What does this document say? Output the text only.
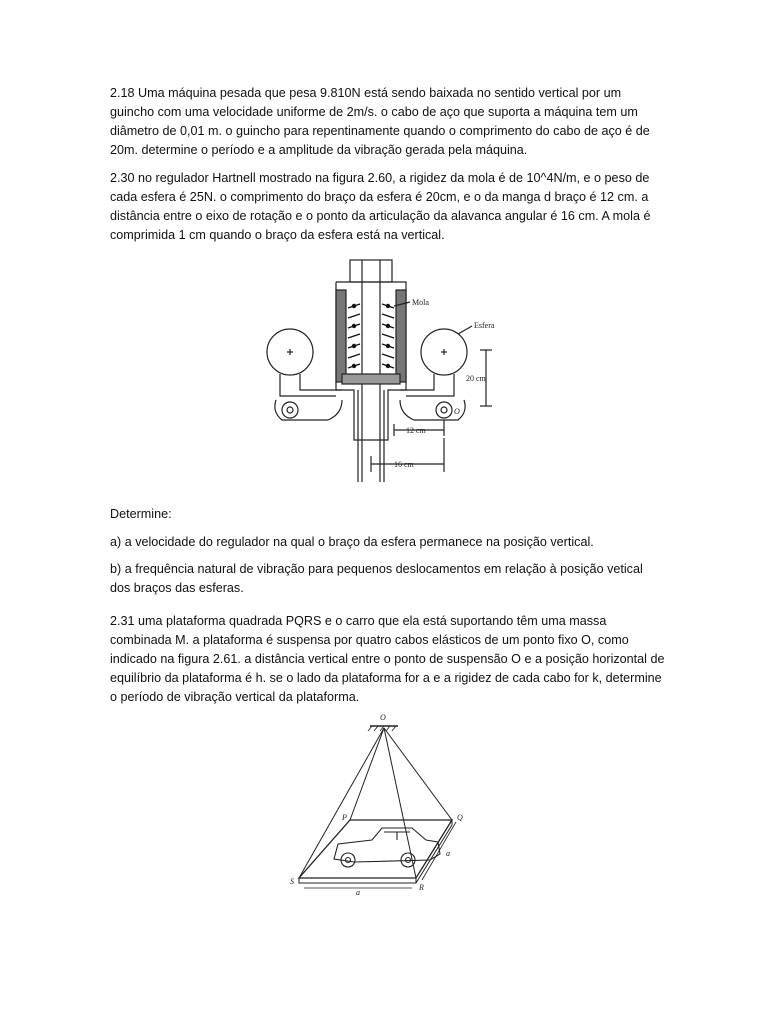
2.18 Uma máquina pesada que pesa 9.810N está sendo baixada no sentido vertical por um guincho com uma velocidade uniforme de 2m/s. o cabo de aço que suporta a máquina tem um diâmetro de 0,01 m. o guincho para repentinamente quando o comprimento do cabo de aço é de 20m. determine o período e a amplitude da vibração gerada pela máquina.

2.30 no regulador Hartnell mostrado na figura 2.60, a rigidez da mola é de 10^4N/m, e o peso de cada esfera é 25N. o comprimento do braço da esfera é 20cm, e o da manga d braço é 12 cm. a distância entre o eixo de rotação e o ponto da articulação da alavanca angular é 16 cm. A mola é comprimida 1 cm quando o braço da esfera está na vertical.

Mola
Esfera
20 cm
12 cm
16 cm
O

Determine:

a) a velocidade do regulador na qual o braço da esfera permanece na posição vertical.

b) a frequência natural de vibração para pequenos deslocamentos em relação à posição vetical dos braços das esferas.

2.31 uma plataforma quadrada PQRS e o carro que ela está suportando têm uma massa combinada M. a plataforma é suspensa por quatro cabos elásticos de um ponto fixo O, como indicado na figura 2.61. a distância vertical entre o ponto de suspensão O e a posição horizontal de equilíbrio da plataforma é h. se o lado da plataforma for a e a rigidez de cada cabo for k, determine o período de vibração vertical da plataforma.

O
P	Q
R
S
a
a
